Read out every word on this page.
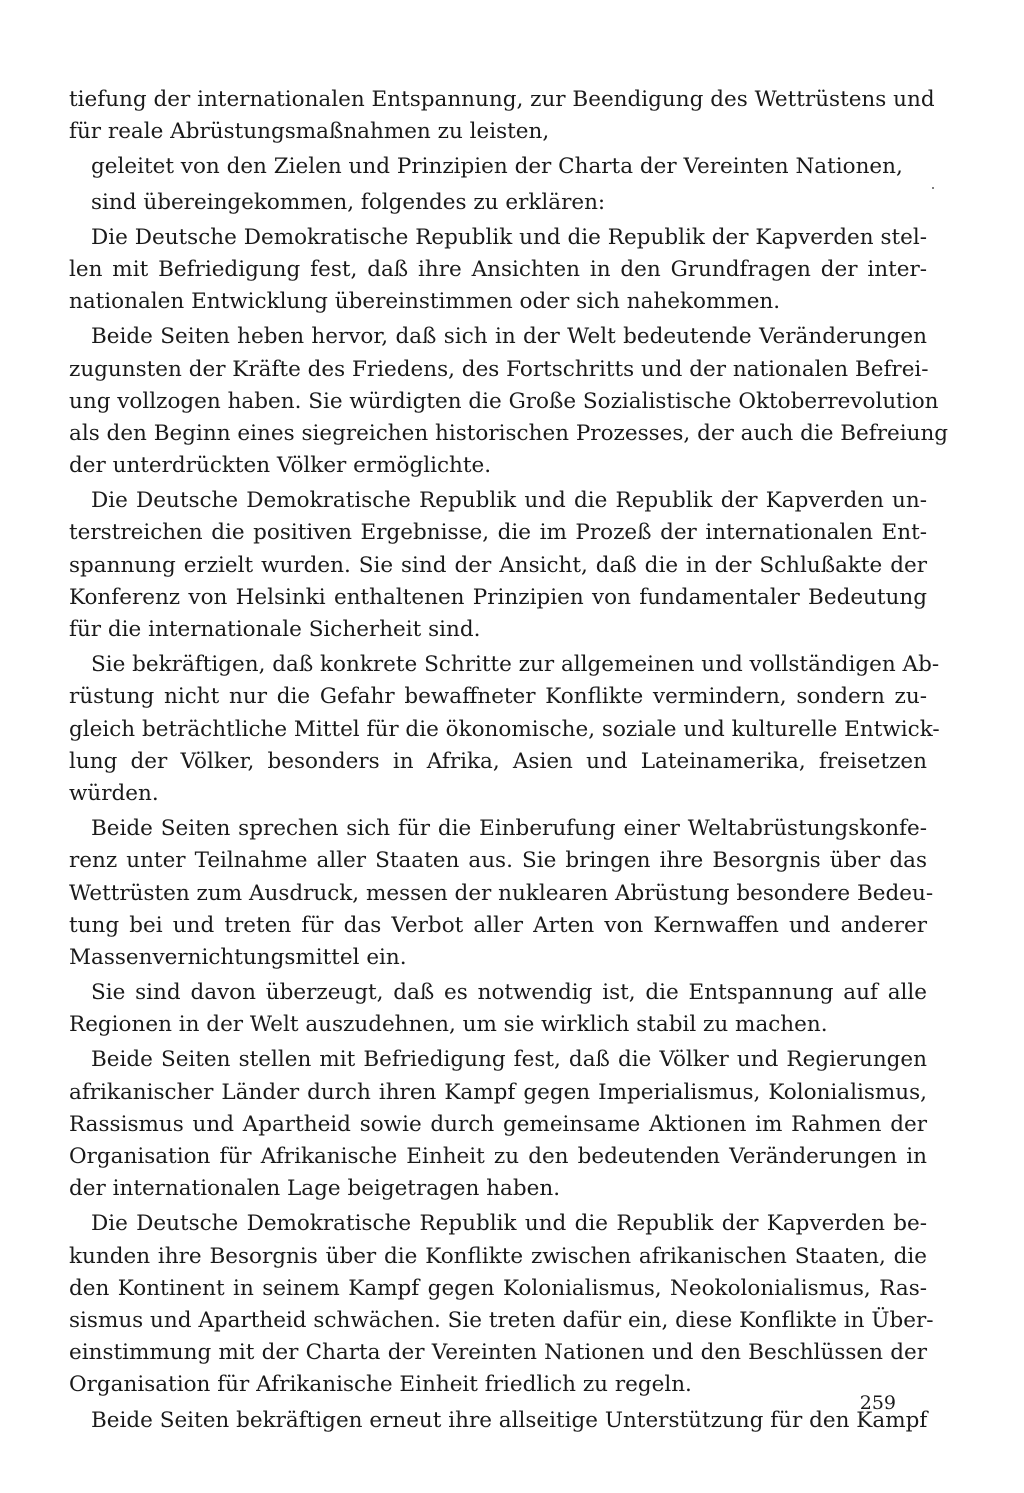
tiefung der internationalen Entspannung, zur Beendigung des Wettrüstens und
für reale Abrüstungsmaßnahmen zu leisten,
geleitet von den Zielen und Prinzipien der Charta der Vereinten Nationen,
sind übereingekommen, folgendes zu erklären:
Die Deutsche Demokratische Republik und die Republik der Kapverden stel-
len mit Befriedigung fest, daß ihre Ansichten in den Grundfragen der inter-
nationalen Entwicklung übereinstimmen oder sich nahekommen.
Beide Seiten heben hervor, daß sich in der Welt bedeutende Veränderungen
zugunsten der Kräfte des Friedens, des Fortschritts und der nationalen Befrei-
ung vollzogen haben. Sie würdigten die Große Sozialistische Oktoberrevolution
als den Beginn eines siegreichen historischen Prozesses, der auch die Befreiung
der unterdrückten Völker ermöglichte.
Die Deutsche Demokratische Republik und die Republik der Kapverden un-
terstreichen die positiven Ergebnisse, die im Prozeß der internationalen Ent-
spannung erzielt wurden. Sie sind der Ansicht, daß die in der Schlußakte der
Konferenz von Helsinki enthaltenen Prinzipien von fundamentaler Bedeutung
für die internationale Sicherheit sind.
Sie bekräftigen, daß konkrete Schritte zur allgemeinen und vollständigen Ab-
rüstung nicht nur die Gefahr bewaffneter Konflikte vermindern, sondern zu-
gleich beträchtliche Mittel für die ökonomische, soziale und kulturelle Entwick-
lung der Völker, besonders in Afrika, Asien und Lateinamerika, freisetzen
würden.
Beide Seiten sprechen sich für die Einberufung einer Weltabrüstungskonfe-
renz unter Teilnahme aller Staaten aus. Sie bringen ihre Besorgnis über das
Wettrüsten zum Ausdruck, messen der nuklearen Abrüstung besondere Bedeu-
tung bei und treten für das Verbot aller Arten von Kernwaffen und anderer
Massenvernichtungsmittel ein.
Sie sind davon überzeugt, daß es notwendig ist, die Entspannung auf alle
Regionen in der Welt auszudehnen, um sie wirklich stabil zu machen.
Beide Seiten stellen mit Befriedigung fest, daß die Völker und Regierungen
afrikanischer Länder durch ihren Kampf gegen Imperialismus, Kolonialismus,
Rassismus und Apartheid sowie durch gemeinsame Aktionen im Rahmen der
Organisation für Afrikanische Einheit zu den bedeutenden Veränderungen in
der internationalen Lage beigetragen haben.
Die Deutsche Demokratische Republik und die Republik der Kapverden be-
kunden ihre Besorgnis über die Konflikte zwischen afrikanischen Staaten, die
den Kontinent in seinem Kampf gegen Kolonialismus, Neokolonialismus, Ras-
sismus und Apartheid schwächen. Sie treten dafür ein, diese Konflikte in Über-
einstimmung mit der Charta der Vereinten Nationen und den Beschlüssen der
Organisation für Afrikanische Einheit friedlich zu regeln.
Beide Seiten bekräftigen erneut ihre allseitige Unterstützung für den Kampf
259
